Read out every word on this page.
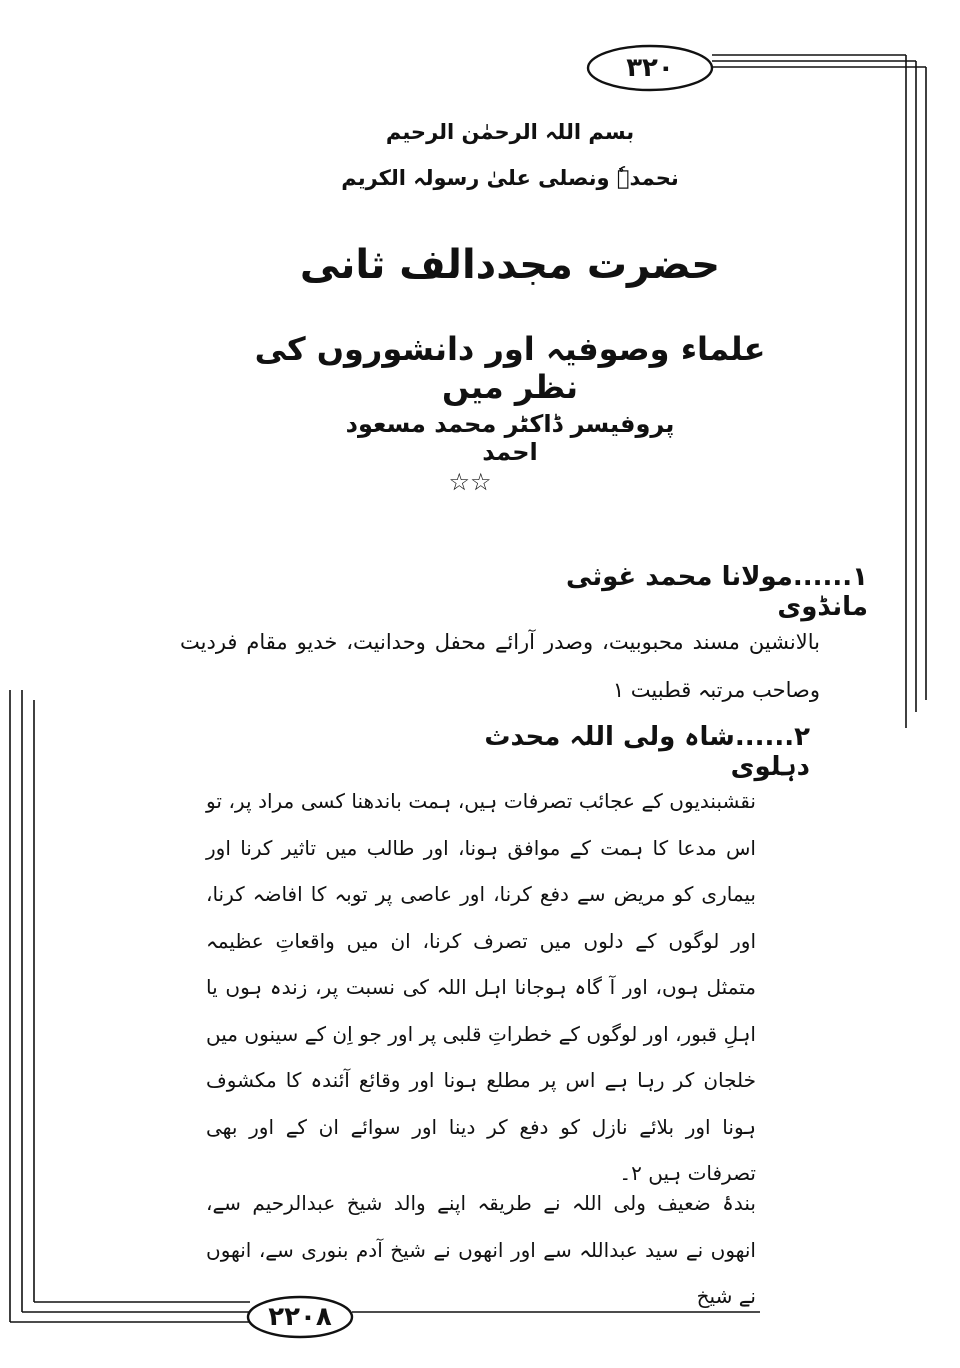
۳۲۰
۲۲۰۸
بسم اللہ الرحمٰن الرحیم
نحمدہٗ ونصلی علیٰ رسولہ الکریم
حضرت مجددالف ثانی
علماء وصوفیہ اور دانشوروں کی نظر میں
پروفیسر ڈاکٹر محمد مسعود احمد
☆☆
۱......مولانا محمد غوثی مانڈوی

بالانشین مسند محبوبیت، وصدر آرائے محفل وحدانیت، خدیو مقام فردیت وصاحب مرتبہ قطبیت ۱

۲......شاہ ولی اللہ محدث دہلوی

نقشبندیوں کے عجائب تصرفات ہیں، ہمت باندھنا کسی مراد پر، تو اس مدعا کا ہمت کے موافق ہونا، اور طالب میں تاثیر کرنا اور بیماری کو مریض سے دفع کرنا، اور عاصی پر توبہ کا افاضہ کرنا، اور لوگوں کے دلوں میں تصرف کرنا، ان میں واقعاتِ عظیمہ متمثل ہوں، اور آ گاہ ہوجانا اہل اللہ کی نسبت پر، زندہ ہوں یا اہلِ قبور، اور لوگوں کے خطراتِ قلبی پر اور جو اِن کے سینوں میں خلجان کر رہا ہے اس پر مطلع ہونا اور وقائع آئندہ کا مکشوف ہونا اور بلائے نازل کو دفع کر دینا اور سوائے ان کے اور بھی تصرفات ہیں ۲۔

بندۂ ضعیف ولی اللہ نے طریقہ اپنے والد شیخ عبدالرحیم سے، انھوں نے سید عبداللہ سے اور انھوں نے شیخ آدم بنوری سے، انھوں نے شیخ
